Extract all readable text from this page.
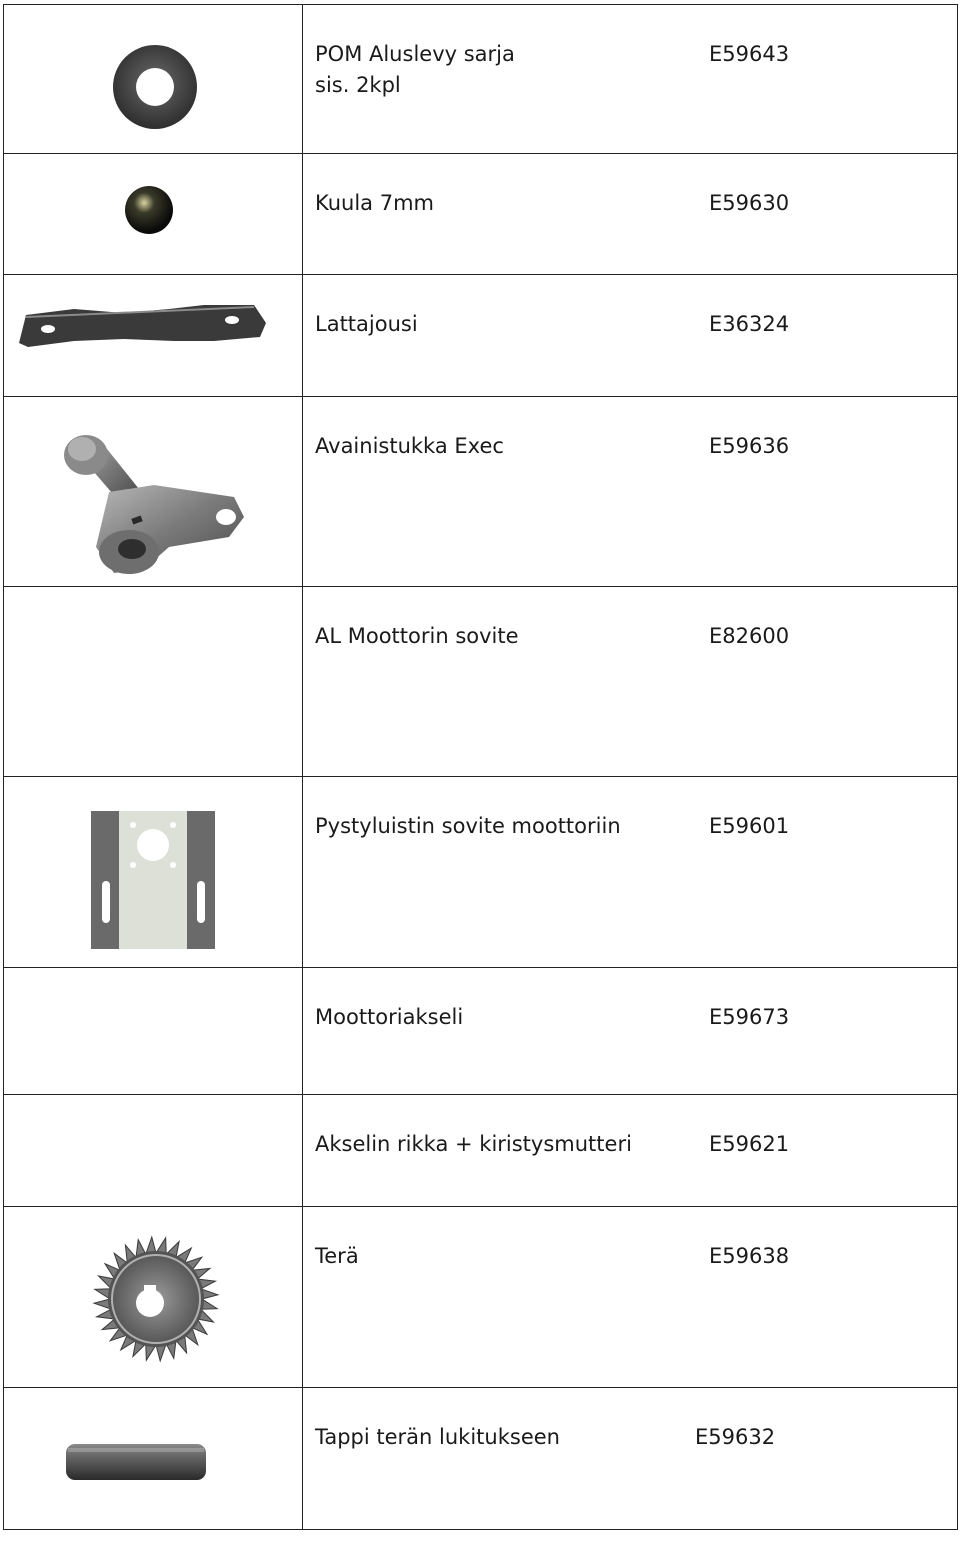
POM Aluslevy sarja
sis. 2kpl
E59643

Kuula 7mm E59630

Lattajousi E36324

Avainistukka Exec E59636

	AL Moottorin sovite E82600

Pystyluistin sovite moottoriin E59601

	Moottoriakseli E59673

	Akselin rikka + kiristysmutteri E59621

Terä E59638

Tappi terän lukitukseen E59632
